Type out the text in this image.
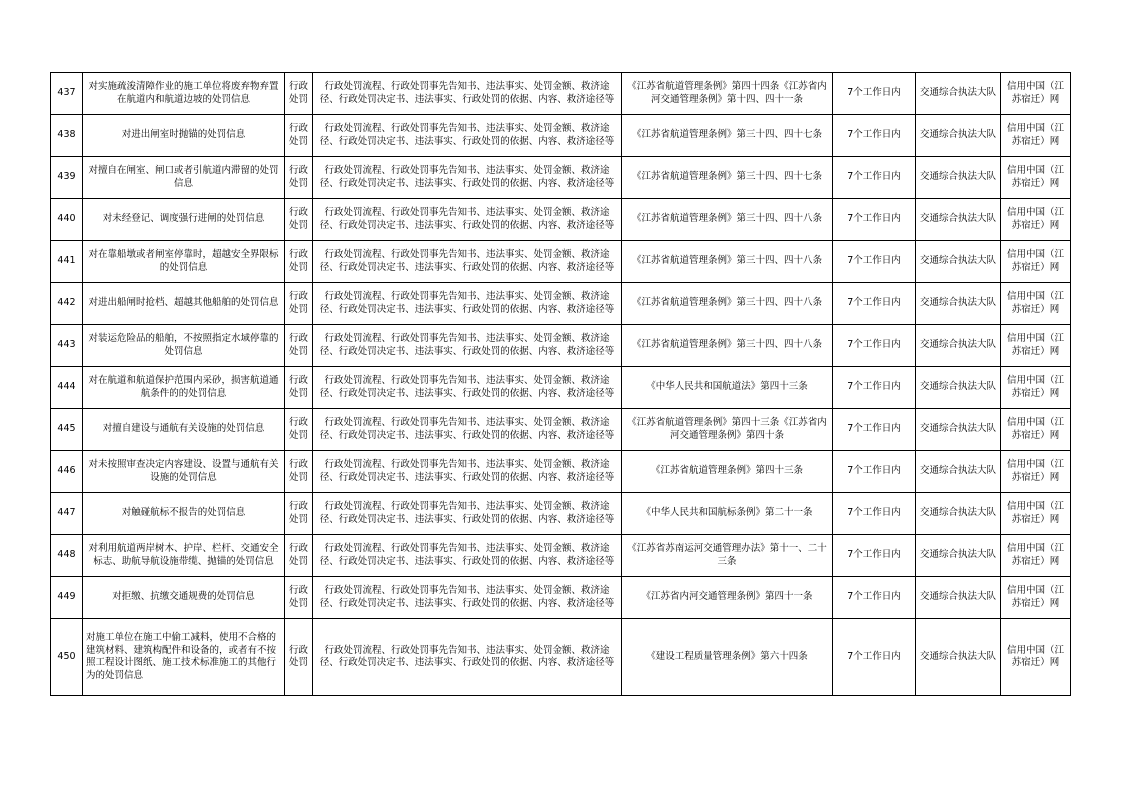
437	对实施疏浚清障作业的施工单位将废弃物弃置在航道内和航道边坡的处罚信息	行政处罚	行政处罚流程、行政处罚事先告知书、违法事实、处罚金额、救济途径、行政处罚决定书、违法事实、行政处罚的依据、内容、救济途径等	《江苏省航道管理条例》第四十四条《江苏省内河交通管理条例》第十四、四十一条	7个工作日内	交通综合执法大队	信用中国（江苏宿迁）网
438	对进出闸室时抛锚的处罚信息	行政处罚	行政处罚流程、行政处罚事先告知书、违法事实、处罚金额、救济途径、行政处罚决定书、违法事实、行政处罚的依据、内容、救济途径等	《江苏省航道管理条例》第三十四、四十七条	7个工作日内	交通综合执法大队	信用中国（江苏宿迁）网
439	对擅自在闸室、闸口或者引航道内滞留的处罚信息	行政处罚	行政处罚流程、行政处罚事先告知书、违法事实、处罚金额、救济途径、行政处罚决定书、违法事实、行政处罚的依据、内容、救济途径等	《江苏省航道管理条例》第三十四、四十七条	7个工作日内	交通综合执法大队	信用中国（江苏宿迁）网
440	对未经登记、调度强行进闸的处罚信息	行政处罚	行政处罚流程、行政处罚事先告知书、违法事实、处罚金额、救济途径、行政处罚决定书、违法事实、行政处罚的依据、内容、救济途径等	《江苏省航道管理条例》第三十四、四十八条	7个工作日内	交通综合执法大队	信用中国（江苏宿迁）网
441	对在靠船墩或者闸室停靠时，超越安全界限标的处罚信息	行政处罚	行政处罚流程、行政处罚事先告知书、违法事实、处罚金额、救济途径、行政处罚决定书、违法事实、行政处罚的依据、内容、救济途径等	《江苏省航道管理条例》第三十四、四十八条	7个工作日内	交通综合执法大队	信用中国（江苏宿迁）网
442	对进出船闸时抢档、超越其他船舶的处罚信息	行政处罚	行政处罚流程、行政处罚事先告知书、违法事实、处罚金额、救济途径、行政处罚决定书、违法事实、行政处罚的依据、内容、救济途径等	《江苏省航道管理条例》第三十四、四十八条	7个工作日内	交通综合执法大队	信用中国（江苏宿迁）网
443	对装运危险品的船舶，不按照指定水域停靠的处罚信息	行政处罚	行政处罚流程、行政处罚事先告知书、违法事实、处罚金额、救济途径、行政处罚决定书、违法事实、行政处罚的依据、内容、救济途径等	《江苏省航道管理条例》第三十四、四十八条	7个工作日内	交通综合执法大队	信用中国（江苏宿迁）网
444	对在航道和航道保护范围内采砂，损害航道通航条件的的处罚信息	行政处罚	行政处罚流程、行政处罚事先告知书、违法事实、处罚金额、救济途径、行政处罚决定书、违法事实、行政处罚的依据、内容、救济途径等	《中华人民共和国航道法》第四十三条	7个工作日内	交通综合执法大队	信用中国（江苏宿迁）网
445	对擅自建设与通航有关设施的处罚信息	行政处罚	行政处罚流程、行政处罚事先告知书、违法事实、处罚金额、救济途径、行政处罚决定书、违法事实、行政处罚的依据、内容、救济途径等	《江苏省航道管理条例》第四十三条《江苏省内河交通管理条例》第四十条	7个工作日内	交通综合执法大队	信用中国（江苏宿迁）网
446	对未按照审查决定内容建设、设置与通航有关设施的处罚信息	行政处罚	行政处罚流程、行政处罚事先告知书、违法事实、处罚金额、救济途径、行政处罚决定书、违法事实、行政处罚的依据、内容、救济途径等	《江苏省航道管理条例》第四十三条	7个工作日内	交通综合执法大队	信用中国（江苏宿迁）网
447	对触碰航标不报告的处罚信息	行政处罚	行政处罚流程、行政处罚事先告知书、违法事实、处罚金额、救济途径、行政处罚决定书、违法事实、行政处罚的依据、内容、救济途径等	《中华人民共和国航标条例》第二十一条	7个工作日内	交通综合执法大队	信用中国（江苏宿迁）网
448	对利用航道两岸树木、护岸、栏杆、交通安全标志、助航导航设施带缆、抛锚的处罚信息	行政处罚	行政处罚流程、行政处罚事先告知书、违法事实、处罚金额、救济途径、行政处罚决定书、违法事实、行政处罚的依据、内容、救济途径等	《江苏省苏南运河交通管理办法》第十一、二十三条	7个工作日内	交通综合执法大队	信用中国（江苏宿迁）网
449	对拒缴、抗缴交通规费的处罚信息	行政处罚	行政处罚流程、行政处罚事先告知书、违法事实、处罚金额、救济途径、行政处罚决定书、违法事实、行政处罚的依据、内容、救济途径等	《江苏省内河交通管理条例》第四十一条	7个工作日内	交通综合执法大队	信用中国（江苏宿迁）网
450	对施工单位在施工中偷工减料，使用不合格的建筑材料、建筑构配件和设备的，或者有不按照工程设计图纸、施工技术标准施工的其他行为的处罚信息	行政处罚	行政处罚流程、行政处罚事先告知书、违法事实、处罚金额、救济途径、行政处罚决定书、违法事实、行政处罚的依据、内容、救济途径等	《建设工程质量管理条例》第六十四条	7个工作日内	交通综合执法大队	信用中国（江苏宿迁）网
